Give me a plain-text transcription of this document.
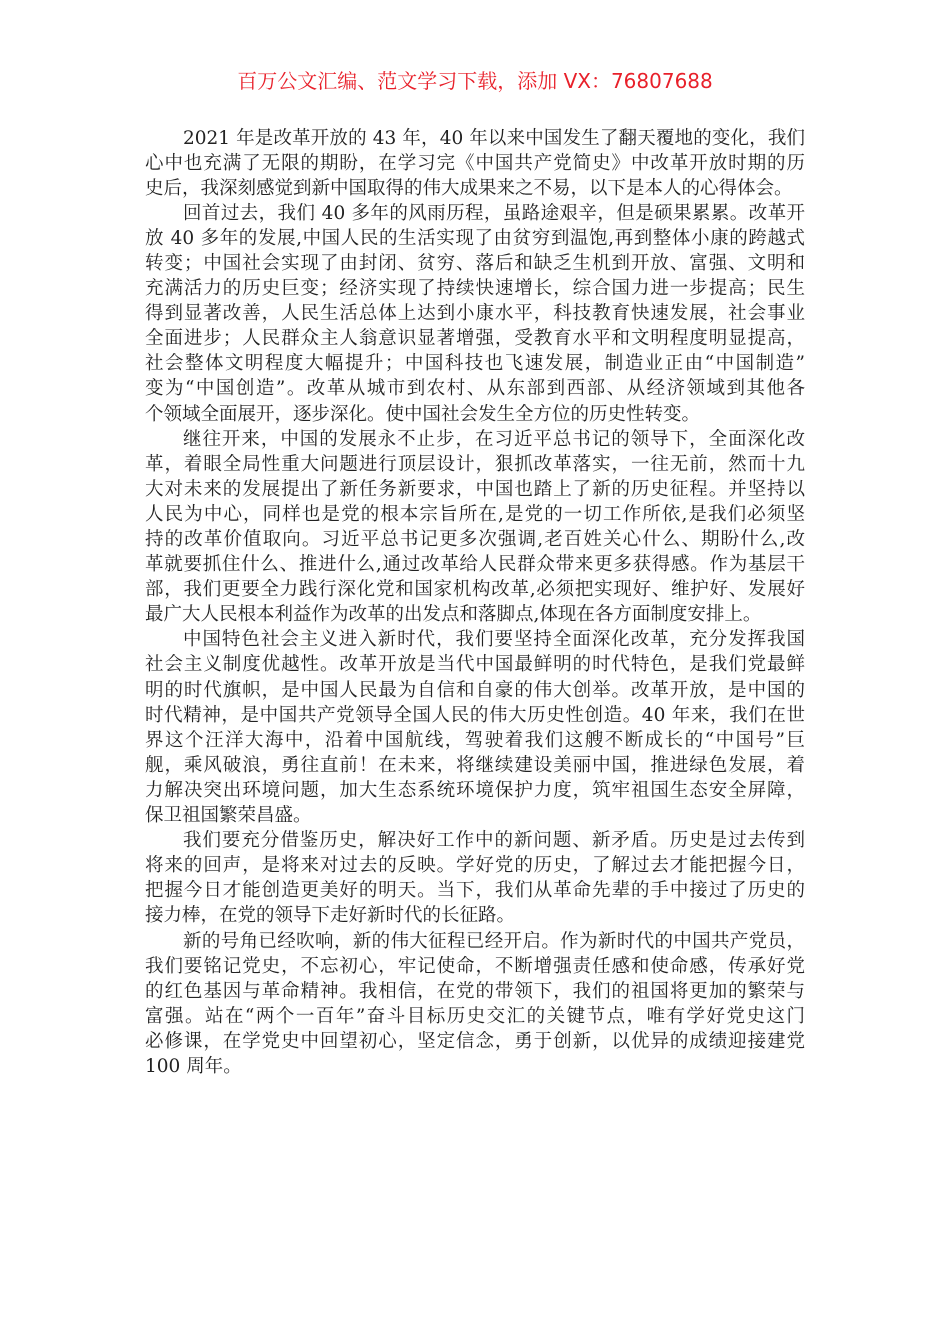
百万公文汇编、范文学习下载，添加 VX：76807688
2021 年是改革开放的 43 年，40 年以来中国发生了翻天覆地的变化，我们
心中也充满了无限的期盼，在学习完《中国共产党简史》中改革开放时期的历
史后，我深刻感觉到新中国取得的伟大成果来之不易，以下是本人的心得体会。
回首过去，我们 40 多年的风雨历程，虽路途艰辛，但是硕果累累。改革开
放 40 多年的发展,中国人民的生活实现了由贫穷到温饱,再到整体小康的跨越式
转变；中国社会实现了由封闭、贫穷、落后和缺乏生机到开放、富强、文明和
充满活力的历史巨变；经济实现了持续快速增长，综合国力进一步提高；民生
得到显著改善，人民生活总体上达到小康水平，科技教育快速发展，社会事业
全面进步；人民群众主人翁意识显著增强，受教育水平和文明程度明显提高，
社会整体文明程度大幅提升；中国科技也飞速发展，制造业正由“中国制造”
变为“中国创造”。改革从城市到农村、从东部到西部、从经济领域到其他各
个领域全面展开，逐步深化。使中国社会发生全方位的历史性转变。
继往开来，中国的发展永不止步，在习近平总书记的领导下，全面深化改
革，着眼全局性重大问题进行顶层设计，狠抓改革落实，一往无前，然而十九
大对未来的发展提出了新任务新要求，中国也踏上了新的历史征程。并坚持以
人民为中心，同样也是党的根本宗旨所在,是党的一切工作所依,是我们必须坚
持的改革价值取向。习近平总书记更多次强调,老百姓关心什么、期盼什么,改
革就要抓住什么、推进什么,通过改革给人民群众带来更多获得感。作为基层干
部，我们更要全力践行深化党和国家机构改革,必须把实现好、维护好、发展好
最广大人民根本利益作为改革的出发点和落脚点,体现在各方面制度安排上。
中国特色社会主义进入新时代，我们要坚持全面深化改革，充分发挥我国
社会主义制度优越性。改革开放是当代中国最鲜明的时代特色，是我们党最鲜
明的时代旗帜，是中国人民最为自信和自豪的伟大创举。改革开放，是中国的
时代精神，是中国共产党领导全国人民的伟大历史性创造。40 年来，我们在世
界这个汪洋大海中，沿着中国航线，驾驶着我们这艘不断成长的“中国号”巨
舰，乘风破浪，勇往直前！在未来，将继续建设美丽中国，推进绿色发展，着
力解决突出环境问题，加大生态系统环境保护力度，筑牢祖国生态安全屏障，
保卫祖国繁荣昌盛。
我们要充分借鉴历史，解决好工作中的新问题、新矛盾。历史是过去传到
将来的回声，是将来对过去的反映。学好党的历史，了解过去才能把握今日，
把握今日才能创造更美好的明天。当下，我们从革命先辈的手中接过了历史的
接力棒，在党的领导下走好新时代的长征路。
新的号角已经吹响，新的伟大征程已经开启。作为新时代的中国共产党员，
我们要铭记党史，不忘初心，牢记使命，不断增强责任感和使命感，传承好党
的红色基因与革命精神。我相信，在党的带领下，我们的祖国将更加的繁荣与
富强。站在“两个一百年”奋斗目标历史交汇的关键节点，唯有学好党史这门
必修课，在学党史中回望初心，坚定信念，勇于创新，以优异的成绩迎接建党
100 周年。
